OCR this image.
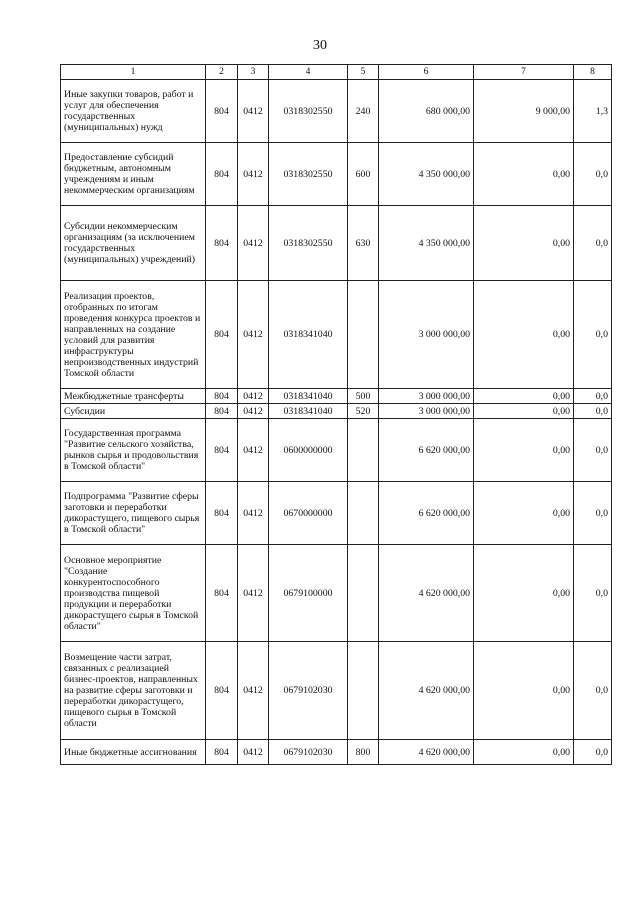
30
1	2	3	4	5	6	7	8
Иные закупки товаров, работ и услуг для обеспечения государственных (муниципальных) нужд	804	0412	0318302550	240	680 000,00	9 000,00	1,3
Предоставление субсидий бюджетным, автономным учреждениям и иным некоммерческим организациям	804	0412	0318302550	600	4 350 000,00	0,00	0,0
Субсидии некоммерческим организациям (за исключением государственных (муниципальных) учреждений)	804	0412	0318302550	630	4 350 000,00	0,00	0,0
Реализация проектов, отобранных по итогам проведения конкурса проектов и направленных на создание условий для развития инфраструктуры непроизводственных индустрий Томской области	804	0412	0318341040		3 000 000,00	0,00	0,0
Межбюджетные трансферты	804	0412	0318341040	500	3 000 000,00	0,00	0,0
Субсидии	804	0412	0318341040	520	3 000 000,00	0,00	0,0
Государственная программа "Развитие сельского хозяйства, рынков сырья и продовольствия в Томской области"	804	0412	0600000000		6 620 000,00	0,00	0,0
Подпрограмма "Развитие сферы заготовки и переработки дикорастущего, пищевого сырья в Томской области"	804	0412	0670000000		6 620 000,00	0,00	0,0
Основное мероприятие "Создание конкурентоспособного производства пищевой продукции и переработки дикорастущего сырья в Томской области"	804	0412	0679100000		4 620 000,00	0,00	0,0
Возмещение части затрат, связанных с реализацией бизнес-проектов, направленных на развитие сферы заготовки и переработки дикорастущего, пищевого сырья в Томской области	804	0412	0679102030		4 620 000,00	0,00	0,0
Иные бюджетные ассигнования	804	0412	0679102030	800	4 620 000,00	0,00	0,0
